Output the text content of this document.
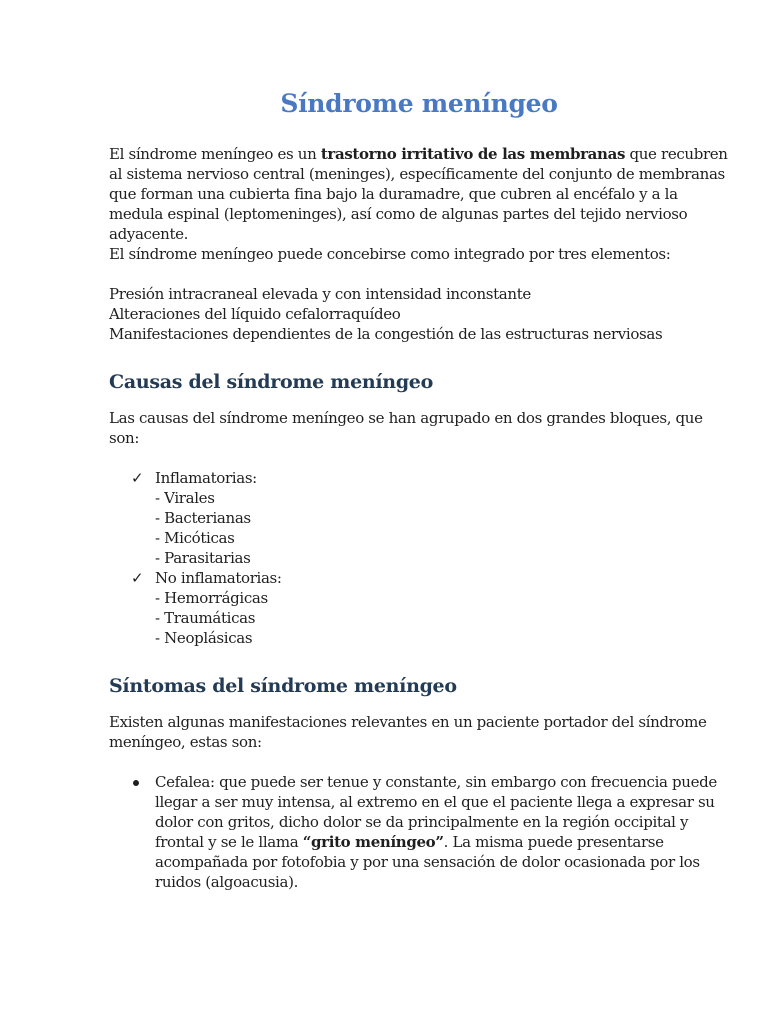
Síndrome meníngeo

El síndrome meníngeo es un trastorno irritativo de las membranas que recubren al sistema nervioso central (meninges), específicamente del conjunto de membranas que forman una cubierta fina bajo la duramadre, que cubren al encéfalo y a la medula espinal (leptomeninges), así como de algunas partes del tejido nervioso adyacente.

El síndrome meníngeo puede concebirse como integrado por tres elementos:

Presión intracraneal elevada y con intensidad inconstante

Alteraciones del líquido cefalorraquídeo

Manifestaciones dependientes de la congestión de las estructuras nerviosas

Causas del síndrome meníngeo

Las causas del síndrome meníngeo se han agrupado en dos grandes bloques, que son:

✓ Inflamatorias:

- Virales

- Bacterianas

- Micóticas

- Parasitarias

✓ No inflamatorias:

- Hemorrágicas

- Traumáticas

- Neoplásicas

Síntomas del síndrome meníngeo

Existen algunas manifestaciones relevantes en un paciente portador del síndrome meníngeo, estas son:

Cefalea: que puede ser tenue y constante, sin embargo con frecuencia puede llegar a ser muy intensa, al extremo en el que el paciente llega a expresar su dolor con gritos, dicho dolor se da principalmente en la región occipital y frontal y se le llama “grito meníngeo”. La misma puede presentarse acompañada por fotofobia y por una sensación de dolor ocasionada por los ruidos (algoacusia).
